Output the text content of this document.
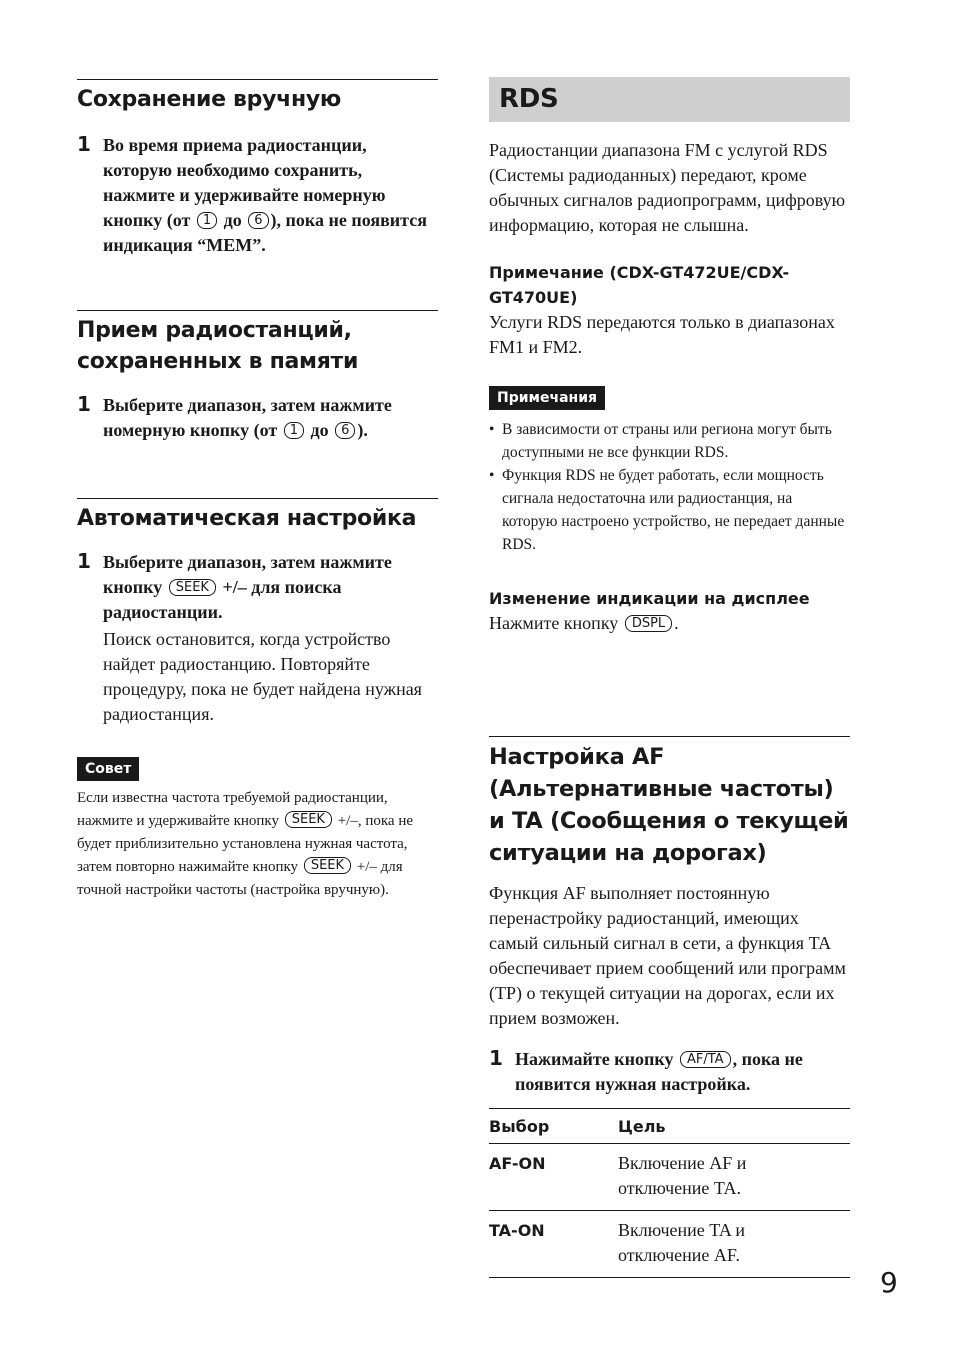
Сохранение вручную
1 Во время приема радиостанции, которую необходимо сохранить, нажмите и удерживайте номерную кнопку (от 1 до 6 ), пока не появится индикация “MEM”.
Прием радиостанций, сохраненных в памяти
1 Выберите диапазон, затем нажмите номерную кнопку (от 1 до 6 ).
Автоматическая настройка
1 Выберите диапазон, затем нажмите кнопку SEEK +/– для поиска радиостанции.
Поиск остановится, когда устройство найдет радиостанцию. Повторяйте процедуру, пока не будет найдена нужная радиостанция.
Совет
Если известна частота требуемой радиостанции, нажмите и удерживайте кнопку SEEK +/–, пока не будет приблизительно установлена нужная частота, затем повторно нажимайте кнопку SEEK +/– для точной настройки частоты (настройка вручную).
RDS
Радиостанции диапазона FM с услугой RDS (Системы радиоданных) передают, кроме обычных сигналов радиопрограмм, цифровую информацию, которая не слышна.
Примечание (CDX-GT472UE/CDX-GT470UE)
Услуги RDS передаются только в диапазонах FM1 и FM2.
Примечания
• В зависимости от страны или региона могут быть доступными не все функции RDS.
• Функция RDS не будет работать, если мощность сигнала недостаточна или радиостанция, на которую настроено устройство, не передает данные RDS.
Изменение индикации на дисплее
Нажмите кнопку DSPL .
Настройка AF (Альтернативные частоты) и TA (Сообщения о текущей ситуации на дорогах)
Функция AF выполняет постоянную перенастройку радиостанций, имеющих самый сильный сигнал в сети, а функция TA обеспечивает прием сообщений или программ (TP) о текущей ситуации на дорогах, если их прием возможен.
1 Нажимайте кнопку AF/TA , пока не появится нужная настройка.
Выбор	Цель
AF-ON	Включение AF и отключение TA.
TA-ON	Включение TA и отключение AF.
9
